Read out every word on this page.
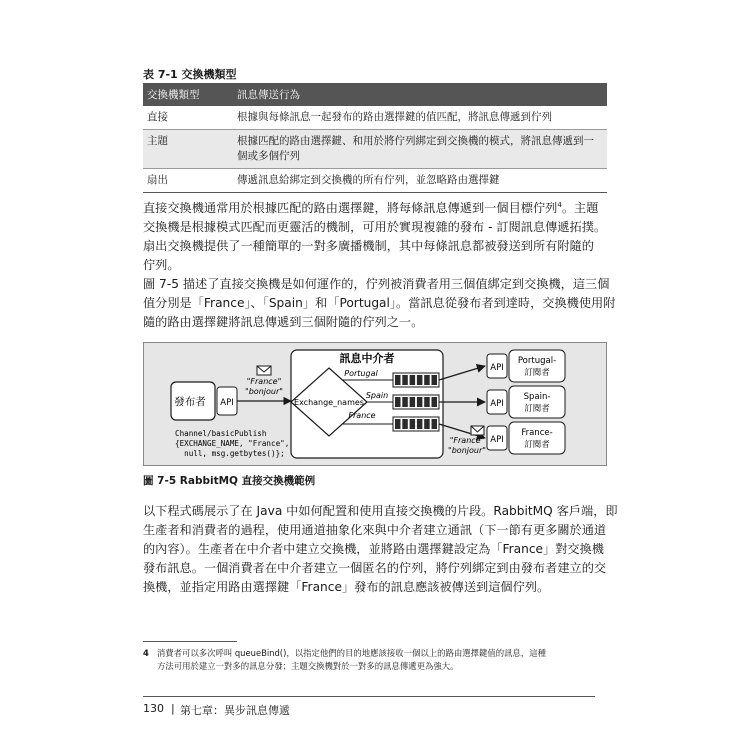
表 7-1 交換機類型
交換機類型	訊息傳送行為
直接	根據與每條訊息一起發布的路由選擇鍵的值匹配，將訊息傳遞到佇列
主題	根據匹配的路由選擇鍵、和用於將佇列綁定到交換機的模式，將訊息傳遞到一
個或多個佇列
扇出	傳遞訊息給綁定到交換機的所有佇列，並忽略路由選擇鍵
直接交換機通常用於根據匹配的路由選擇鍵，將每條訊息傳遞到一個目標佇列$^4$。主題
交換機是根據模式匹配而更靈活的機制，可用於實現複雜的發布 - 訂閱訊息傳遞拓撲。
扇出交換機提供了一種簡單的一對多廣播機制，其中每條訊息都被發送到所有附隨的
佇列。
圖 7-5 描述了直接交換機是如何運作的，佇列被消費者用三個值綁定到交換機，這三個
值分別是「France」、「Spain」和「Portugal」。當訊息從發布者到達時，交換機使用附
隨的路由選擇鍵將訊息傳遞到三個附隨的佇列之一。
訊息中介者
Exchange_names
發布者 API
"France"
"bonjour"
Channel/basicPublish
{EXCHANGE_NAME, "France",
null, msg.getbytes()};
Portugal
Spain
France
API
Portugal-
訂閱者
API
Spain-
訂閱者
API
France-
訂閱者
"France"
"bonjour"
圖 7-5 RabbitMQ 直接交換機範例
以下程式碼展示了在 Java 中如何配置和使用直接交換機的片段。RabbitMQ 客戶端，即
生產者和消費者的過程，使用通道抽象化來與中介者建立通訊（下一節有更多關於通道
的內容）。生產者在中介者中建立交換機，並將路由選擇鍵設定為「France」對交換機
發布訊息。一個消費者在中介者建立一個匿名的佇列，將佇列綁定到由發布者建立的交
換機，並指定用路由選擇鍵「France」發布的訊息應該被傳送到這個佇列。
4 消費者可以多次呼叫 queueBind()，以指定他們的目的地應該接收一個以上的路由選擇鍵值的訊息，這種
方法可用於建立一對多的訊息分發；主題交換機對於一對多的訊息傳遞更為強大。
130 | 第七章：異步訊息傳遞
